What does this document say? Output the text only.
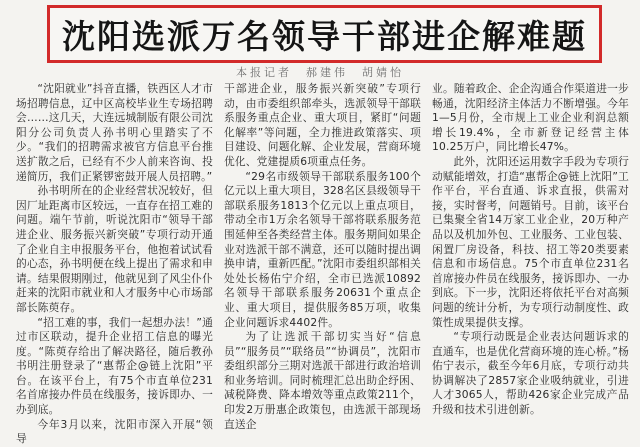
沈阳选派万名领导干部进企解难题
本报记者　郝建伟　胡婧怡

“沈阳就业”抖音直播，铁西区人才市场招聘信息，辽中区高校毕业生专场招聘会……这几天，大连远城制版有限公司沈阳分公司负责人孙书明心里踏实了不少。“我们的招聘需求被官方信息平台推送扩散之后，已经有不少人前来咨询、投递简历，我们正紧锣密鼓开展人员招聘。”

孙书明所在的企业经营状况较好，但因厂址距离市区较远，一直存在招工难的问题。端午节前，听说沈阳市“领导干部进企业、服务振兴新突破”专项行动开通了企业自主申报服务平台，他抱着试试看的心态，孙书明便在线上提出了需求和申请。结果假期刚过，他就见到了风尘仆仆赶来的沈阳市就业和人才服务中心市场部部长陈萸存。

“招工难的事，我们一起想办法！”通过市区联动，提升企业招工信息的曝光度。“陈萸存给出了解决路径，随后教孙书明注册登录了“惠帮企@链上沈阳”平台。在该平台上，有75个市直单位231名首席接办件员在线服务，接诉即办、一办到底。

今年3月以来，沈阳市深入开展“领导

干部进企业，服务振兴新突破”专项行动，由市委组织部牵头，选派领导干部联系服务重点企业、重大项目，紧盯“问题化解率”等问题，全力推进政策落实、项目建设、问题化解、企业发展，营商环境优化、党建提质6项重点任务。

“29名市级领导干部联系服务100个亿元以上重大项目，328名区县级领导干部联系服务1813个亿元以上重点项目，带动全市1万余名领导干部将联系服务范围延伸至各类经营主体。服务期间如果企业对选派干部不满意，还可以随时提出调换申请，重新匹配。”沈阳市委组织部相关处处长杨佑宁介绍，全市已选派10892名领导干部联系服务20631个重点企业、重大项目，提供服务85万项，收集企业问题诉求4402件。

为了让选派干部切实当好“信息员”“服务员”“联络员”“协调员”，沈阳市委组织部分三期对选派干部进行政治培训和业务培训。同时梳理汇总出助企纾困、减税降费、降本增效等重点政策211个，印发2万册惠企政策包，由选派干部现场直送企

业。随着政企、企企沟通合作渠道进一步畅通，沈阳经济主体活力不断增强。今年1—5月份，全市规上工业企业利润总额增长19.4%，全市新登记经营主体10.25万户，同比增长47%。

此外，沈阳还运用数字手段为专项行动赋能增效，打造“惠帮企@链上沈阳”工作平台，平台直通、诉求直报，供需对接，实时督考，问题销号。目前，该平台已集聚全省14万家工业企业，20万种产品以及机加外包、工业服务、工业包装、闲置厂房设备，科技、招工等20类要素信息和市场信息。75个市直单位231名首席接办件员在线服务，接诉即办、一办到底。下一步，沈阳还将依托平台对高频问题的统计分析，为专项行动制度性、政策性成果提供支撑。

“专项行动既是企业表达问题诉求的直通车，也是优化营商环境的连心桥。”杨佑宁表示，截至今年6月底，专项行动共协调解决了2857家企业吸纳就业，引进人才3065人，帮助426家企业完成产品升级和技术引进创新。
